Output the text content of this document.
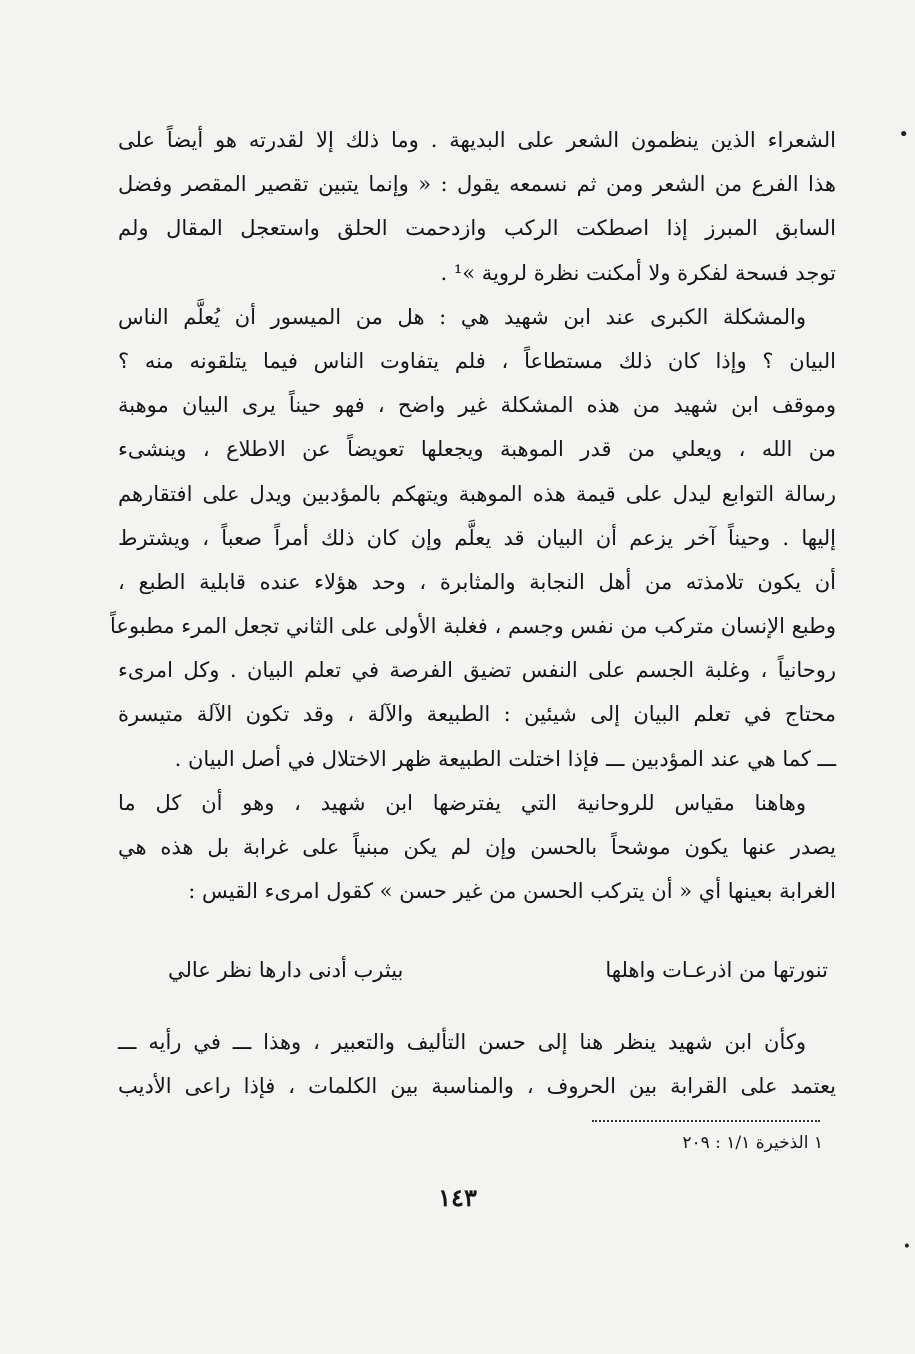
•
الشعراء الذين ينظمون الشعر على البديهة . وما ذلك إلا لقدرته هو أيضاً على
هذا الفرع من الشعر ومن ثم نسمعه يقول : « وإنما يتبين تقصير المقصر وفضل
السابق المبرز إذا اصطكت الركب وازدحمت الحلق واستعجل المقال ولم
توجد فسحة لفكرة ولا أمكنت نظرة لروية »¹ .
والمشكلة الكبرى عند ابن شهيد هي : هل من الميسور أن يُعلَّم الناس
البيان ؟ وإذا كان ذلك مستطاعاً ، فلم يتفاوت الناس فيما يتلقونه منه ؟
وموقف ابن شهيد من هذه المشكلة غير واضح ، فهو حيناً يرى البيان موهبة
من الله ، ويعلي من قدر الموهبة ويجعلها تعويضاً عن الاطلاع ، وينشىء
رسالة التوابع ليدل على قيمة هذه الموهبة ويتهكم بالمؤدبين ويدل على افتقارهم
إليها . وحيناً آخر يزعم أن البيان قد يعلَّم وإن كان ذلك أمراً صعباً ، ويشترط
أن يكون تلامذته من أهل النجابة والمثابرة ، وحد هؤلاء عنده قابلية الطبع ،
وطبع الإنسان متركب من نفس وجسم ، فغلبة الأولى على الثاني تجعل المرء مطبوعاً
روحانياً ، وغلبة الجسم على النفس تضيق الفرصة في تعلم البيان . وكل امرىء
محتاج في تعلم البيان إلى شيئين : الطبيعة والآلة ، وقد تكون الآلة متيسرة
ـــ كما هي عند المؤدبين ـــ فإذا اختلت الطبيعة ظهر الاختلال في أصل البيان .
وهاهنا مقياس للروحانية التي يفترضها ابن شهيد ، وهو أن كل ما
يصدر عنها يكون موشحاً بالحسن وإن لم يكن مبنياً على غرابة بل هذه هي
الغرابة بعينها أي « أن يتركب الحسن من غير حسن » كقول امرىء القيس :
تنورتها من اذرعـات واهلها
بيثرب أدنى دارها نظر عالي
وكأن ابن شهيد ينظر هنا إلى حسن التأليف والتعبير ، وهذا ـــ في رأيه ـــ
يعتمد على القرابة بين الحروف ، والمناسبة بين الكلمات ، فإذا راعى الأديب
١ الذخيرة ١/١ : ٢٠٩
١٤٣
•
